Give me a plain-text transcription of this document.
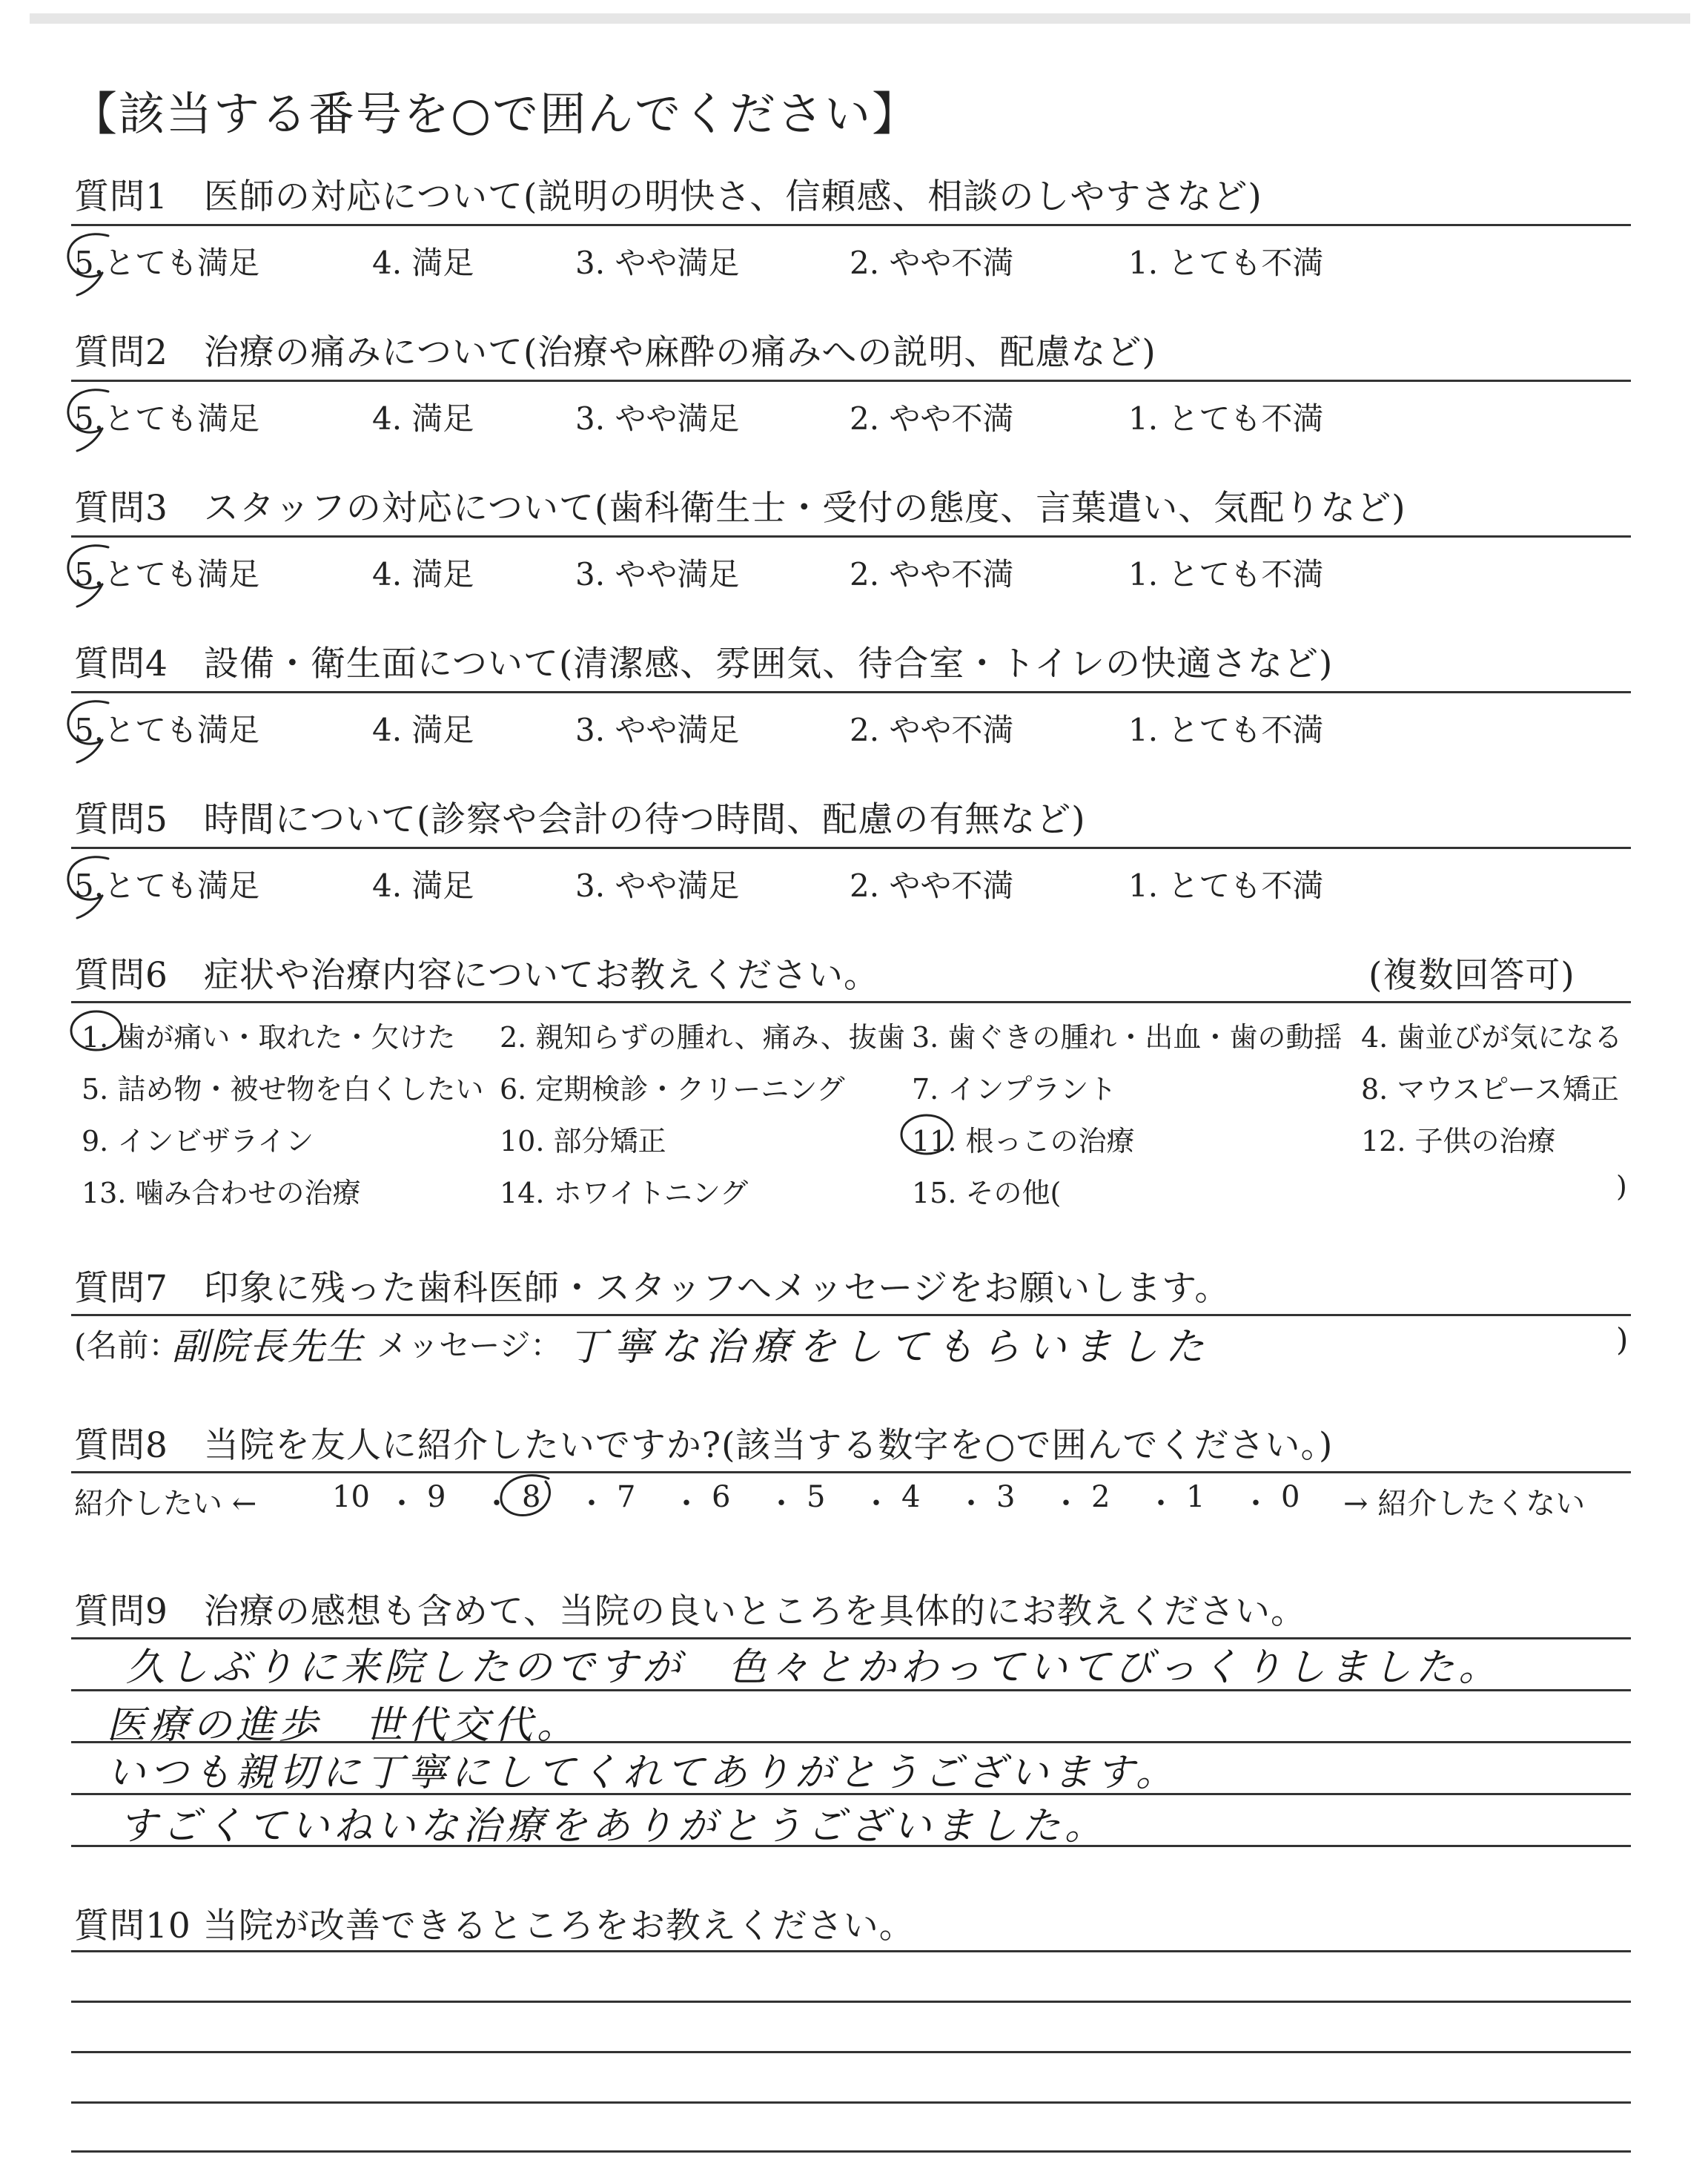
【該当する番号を○で囲んでください】
質問1　医師の対応について(説明の明快さ、信頼感、相談のしやすさなど)
質問2　治療の痛みについて(治療や麻酔の痛みへの説明、配慮など)
質問3　スタッフの対応について(歯科衛生士・受付の態度、言葉遣い、気配りなど)
質問4　設備・衛生面について(清潔感、雰囲気、待合室・トイレの快適さなど)
質問5　時間について(診察や会計の待つ時間、配慮の有無など)
5.とても満足	4. 満足	3. やや満足	2. やや不満	1. とても不満
5.とても満足	4. 満足	3. やや満足	2. やや不満	1. とても不満
5.とても満足	4. 満足	3. やや満足	2. やや不満	1. とても不満
5.とても満足	4. 満足	3. やや満足	2. やや不満	1. とても不満
5.とても満足	4. 満足	3. やや満足	2. やや不満	1. とても不満
質問6　症状や治療内容についてお教えください。	(複数回答可)
1. 歯が痛い・取れた・欠けた 2. 親知らずの腫れ、痛み、抜歯 3. 歯ぐきの腫れ・出血・歯の動揺 4. 歯並びが気になる
5. 詰め物・被せ物を白くしたい 6. 定期検診・クリーニング 7. インプラント	8. マウスピース矯正
9. インビザライン	10. 部分矯正	11. 根っこの治療	12. 子供の治療
13. 噛み合わせの治療	14. ホワイトニング	15. その他(	)
質問7　印象に残った歯科医師・スタッフへメッセージをお願いします。
(名前：
副院長先生 メッセージ： 丁寧な治療をしてもらいました	)
質問8　当院を友人に紹介したいですか?(該当する数字を○で囲んでください。)
紹介したい ←	→ 紹介したくない
10 ・ 9 ・ 8 ・ 7 ・ 6 ・ 5 ・ 4 ・ 3 ・ 2 ・ 1 ・ 0
質問9　治療の感想も含めて、当院の良いところを具体的にお教えください。
久しぶりに来院したのですが　色々とかわっていてびっくりしました。
医療の進歩　世代交代。
いつも親切に丁寧にしてくれてありがとうございます。
すごくていねいな治療をありがとうございました。
質問10 当院が改善できるところをお教えください。
